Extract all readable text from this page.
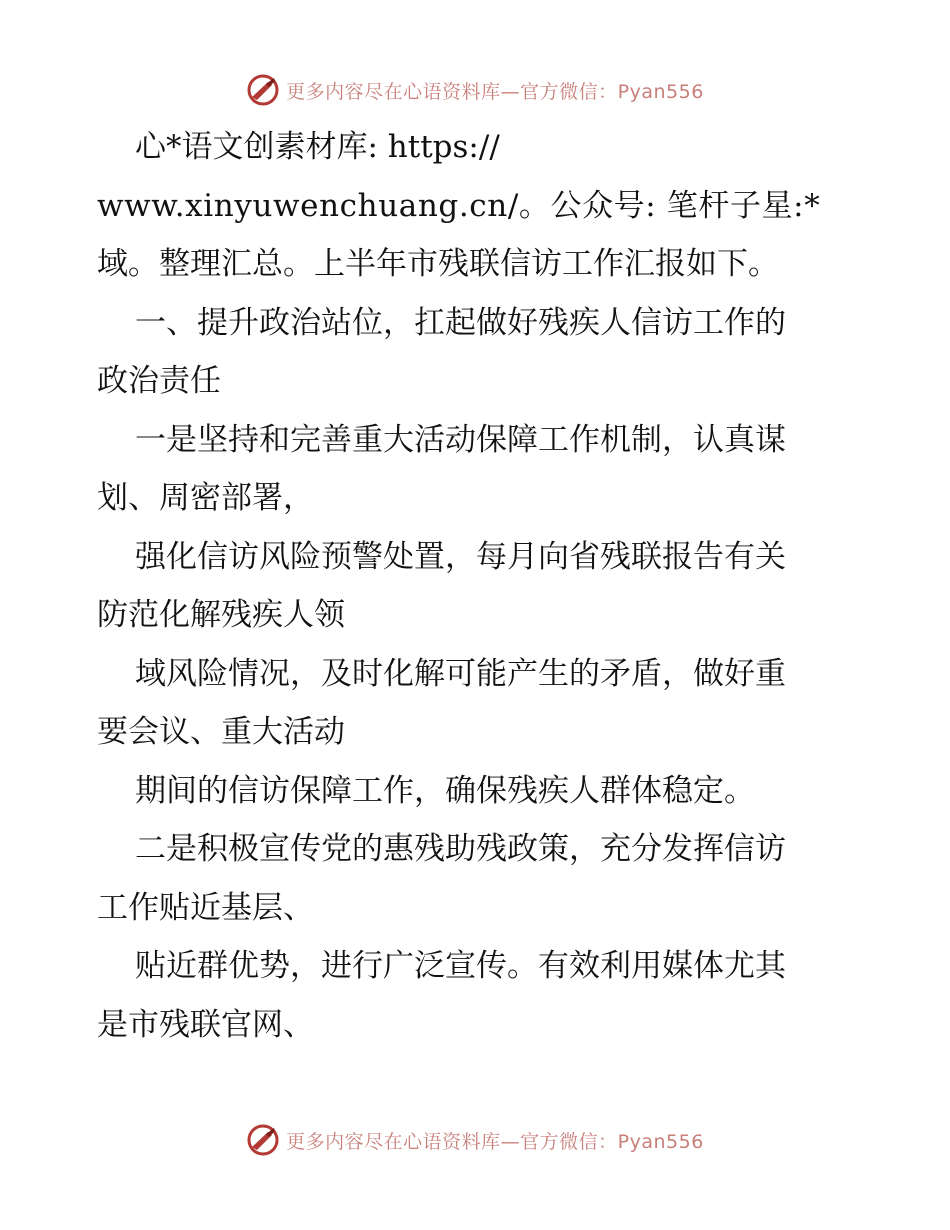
更多内容尽在心语资料库—官方微信：Pyan556
心*语文创素材库: https://
www.xinyuwenchuang.cn/。公众号: 笔杆子星:*
域。整理汇总。上半年市残联信访工作汇报如下。
一、提升政治站位，扛起做好残疾人信访工作的
政治责任
一是坚持和完善重大活动保障工作机制，认真谋
划、周密部署，
强化信访风险预警处置，每月向省残联报告有关
防范化解残疾人领
域风险情况，及时化解可能产生的矛盾，做好重
要会议、重大活动
期间的信访保障工作，确保残疾人群体稳定。
二是积极宣传党的惠残助残政策，充分发挥信访
工作贴近基层、
贴近群优势，进行广泛宣传。有效利用媒体尤其
是市残联官网、
更多内容尽在心语资料库—官方微信：Pyan556
